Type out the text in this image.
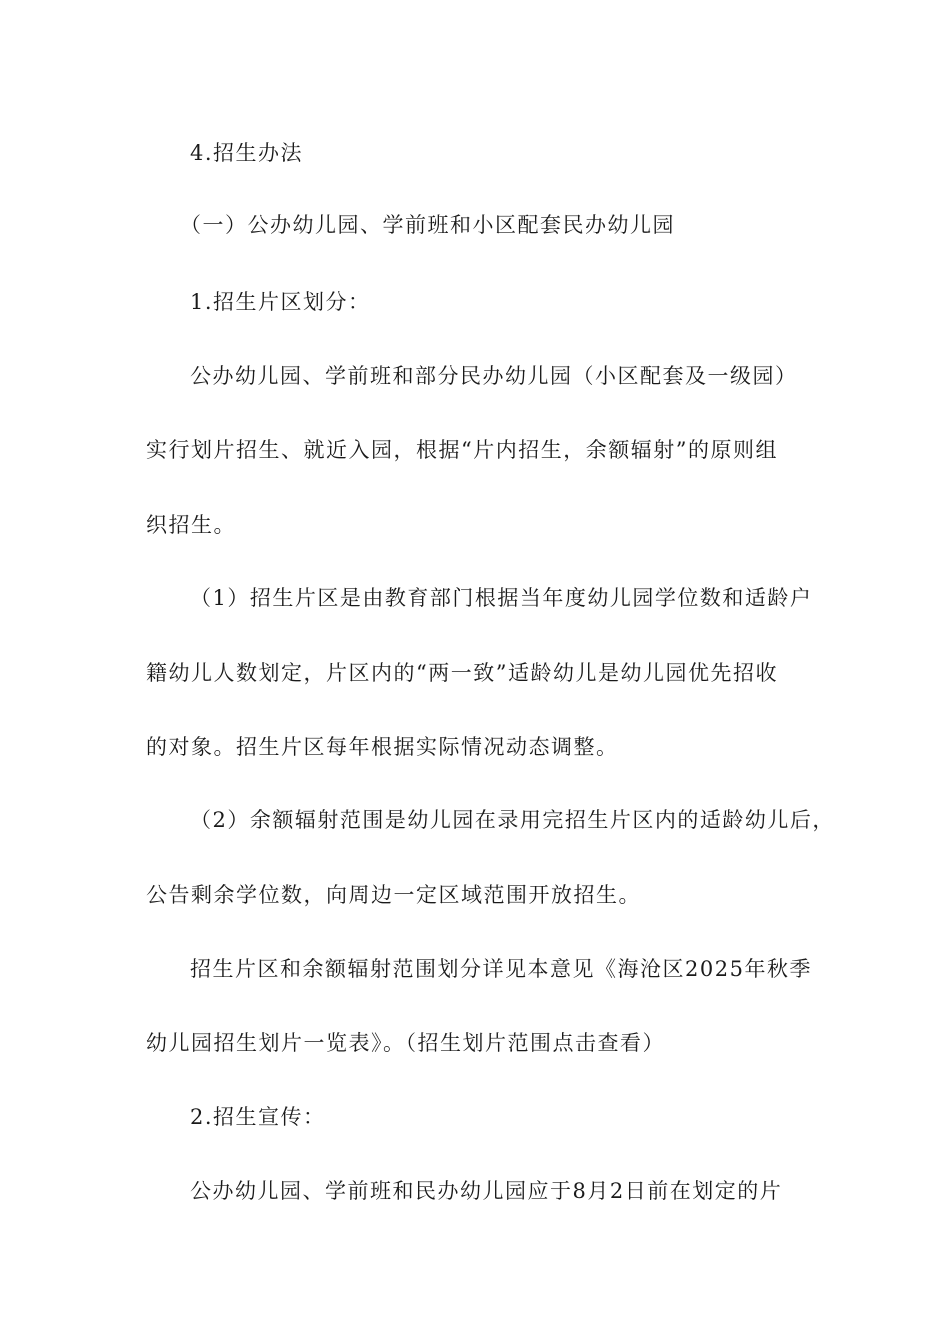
4.招生办法
（一）公办幼儿园、学前班和小区配套民办幼儿园
1.招生片区划分：
公办幼儿园、学前班和部分民办幼儿园（小区配套及一级园）
实行划片招生、就近入园，根据“片内招生，余额辐射”的原则组
织招生。
（1）招生片区是由教育部门根据当年度幼儿园学位数和适龄户
籍幼儿人数划定，片区内的“两一致”适龄幼儿是幼儿园优先招收
的对象。招生片区每年根据实际情况动态调整。
（2）余额辐射范围是幼儿园在录用完招生片区内的适龄幼儿后，
公告剩余学位数，向周边一定区域范围开放招生。
招生片区和余额辐射范围划分详见本意见《海沧区2025年秋季
幼儿园招生划片一览表》。（招生划片范围点击查看）
2.招生宣传：
公办幼儿园、学前班和民办幼儿园应于8月2日前在划定的片
